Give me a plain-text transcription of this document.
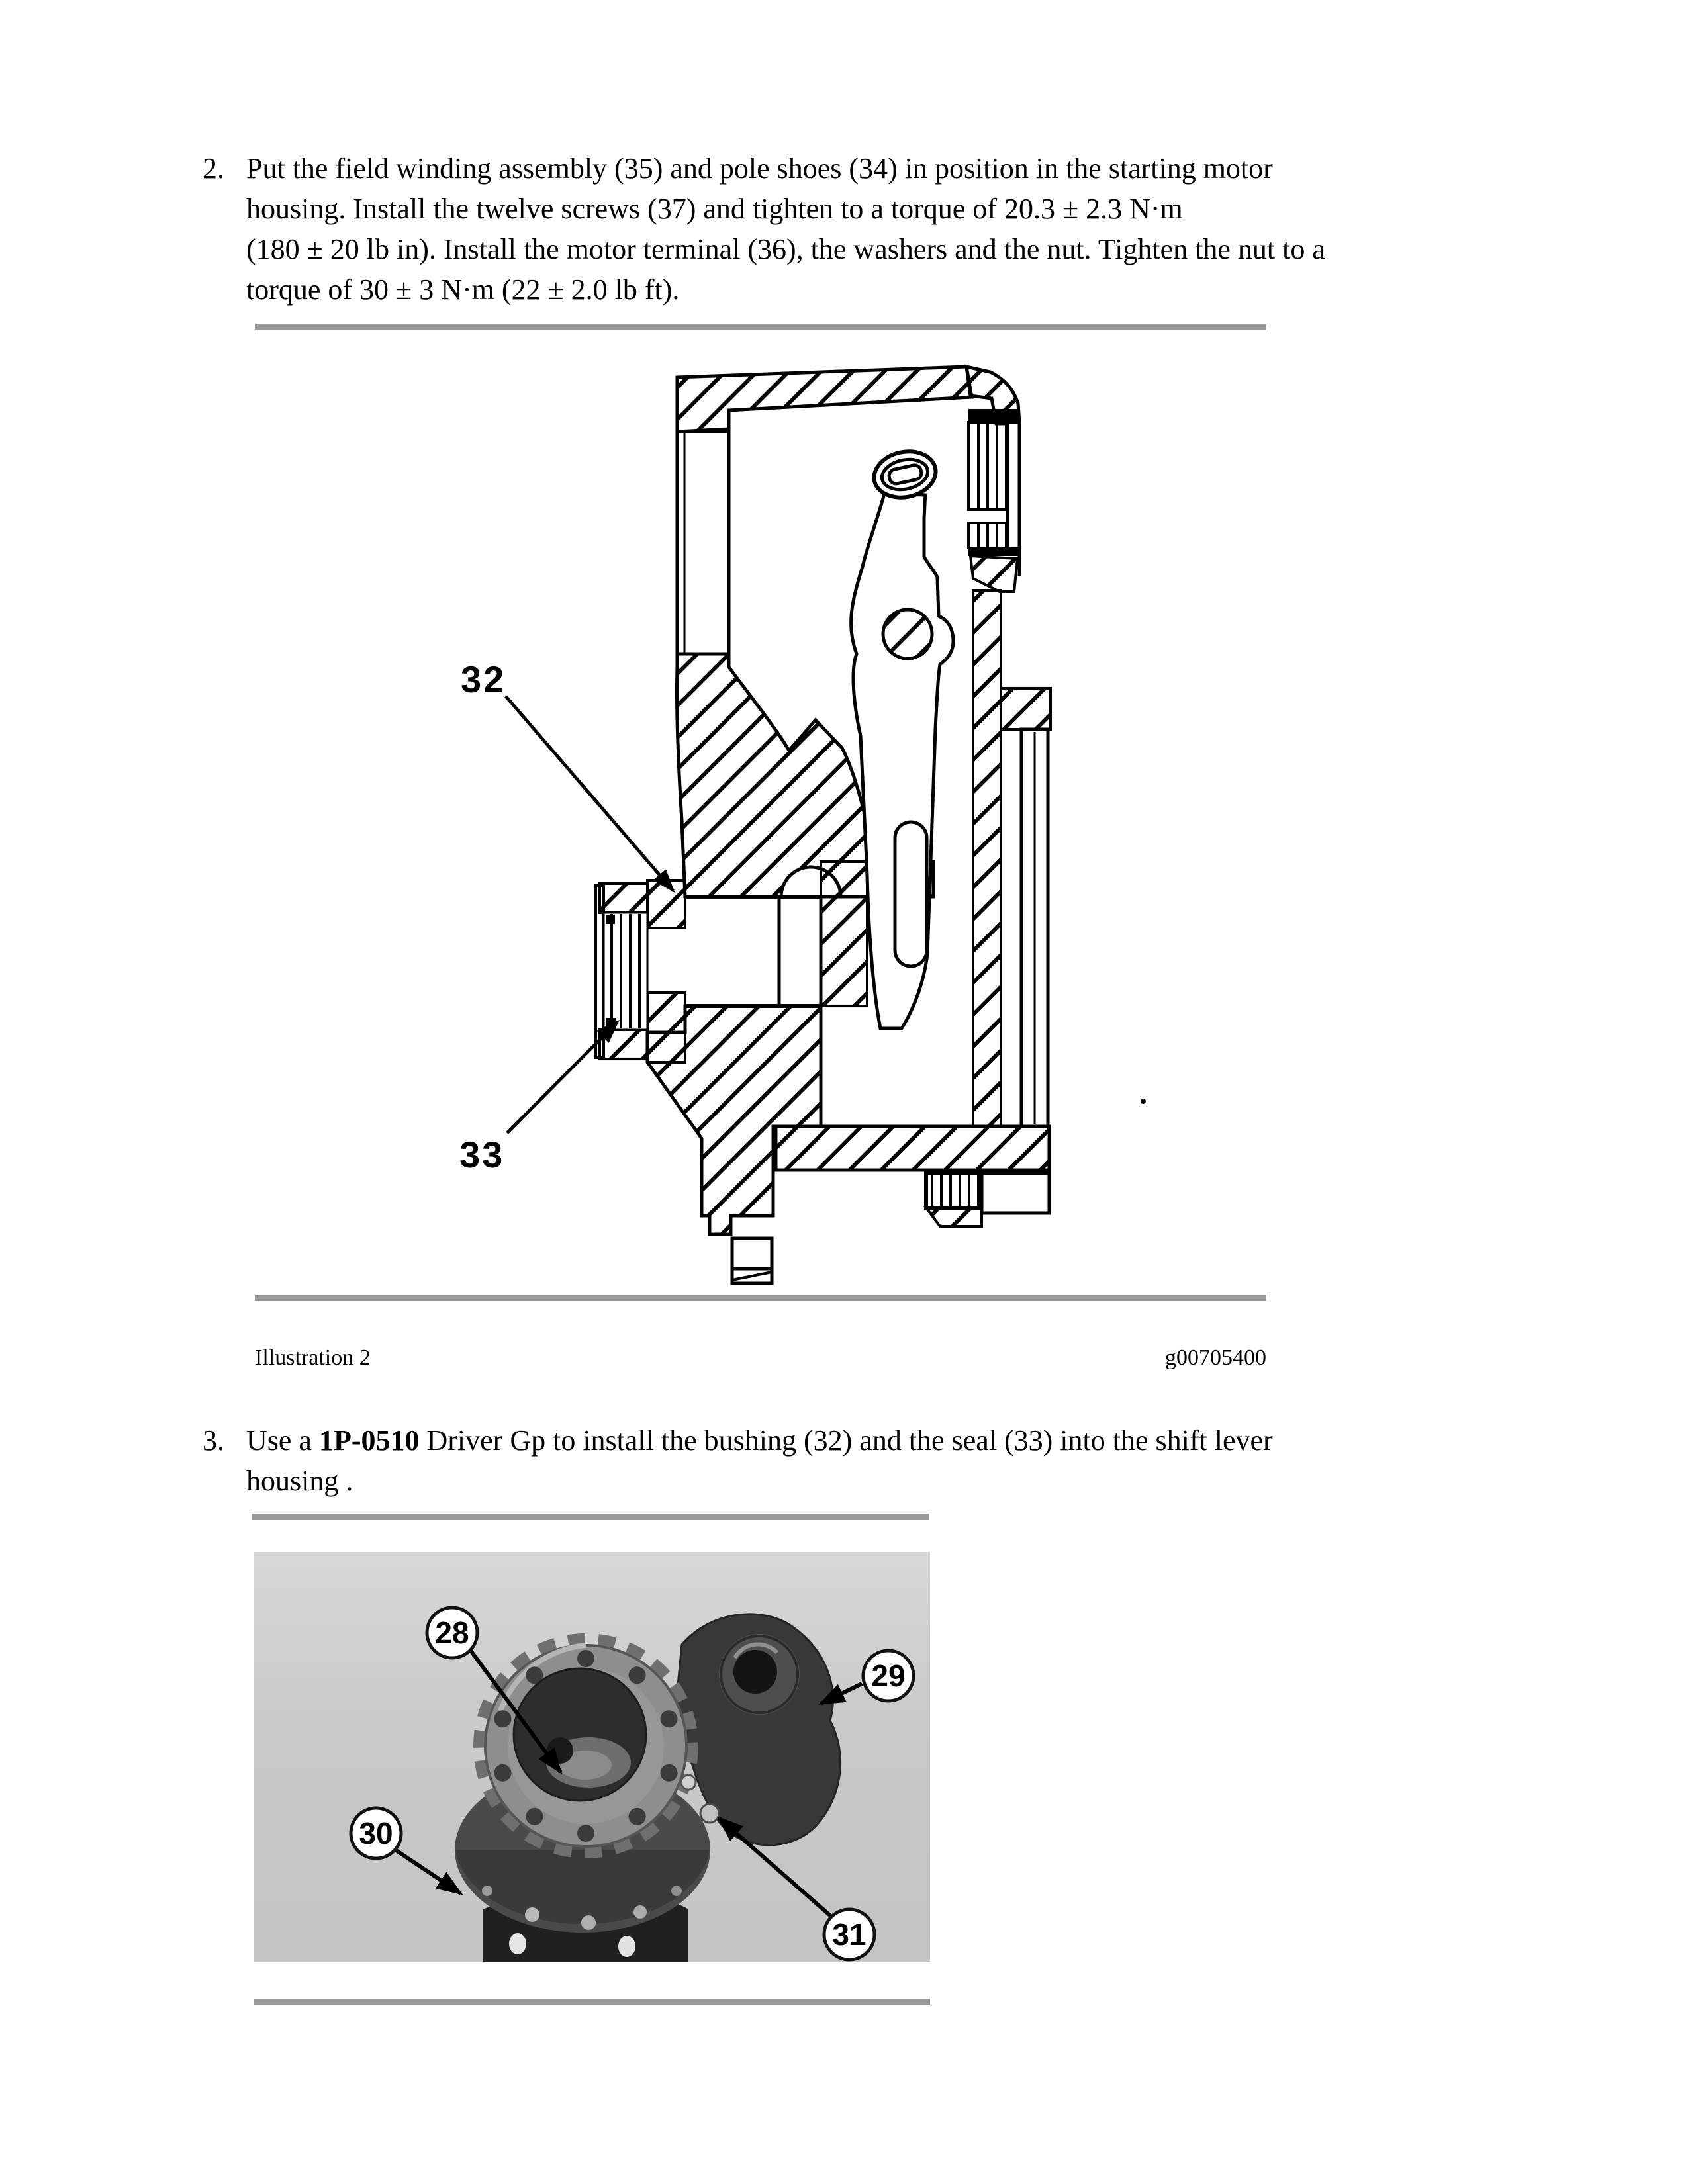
2. Put the field winding assembly (35) and pole shoes (34) in position in the starting motor
housing. Install the twelve screws (37) and tighten to a torque of 20.3 ± 2.3 N·m
(180 ± 20 lb in). Install the motor terminal (36), the washers and the nut. Tighten the nut to a
torque of 30 ± 3 N·m (22 ± 2.0 lb ft).
32
33
Illustration 2	g00705400
3. Use a 1P-0510 Driver Gp to install the bushing (32) and the seal (33) into the shift lever
housing .
28
29
30
31
